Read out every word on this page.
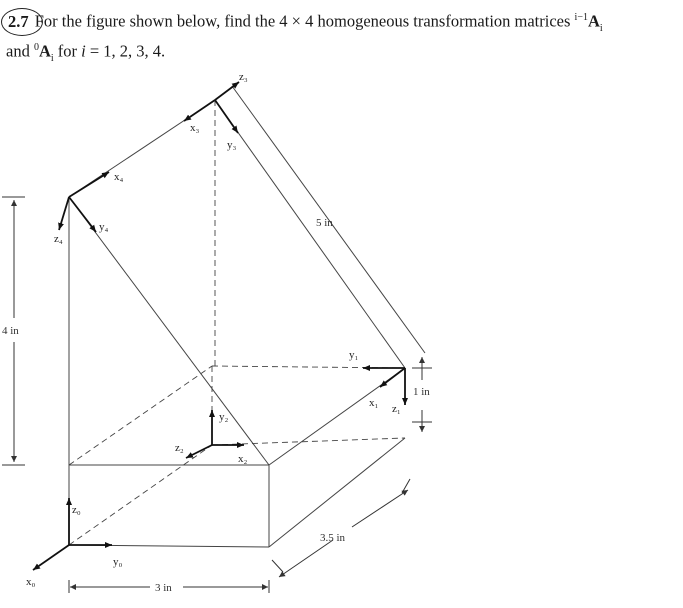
2.7 For the figure shown below, find the 4 × 4 homogeneous transformation matrices $^{i-1}A_i$
and $^0A_i$ for i = 1, 2, 3, 4.
z₀
y₀
x₀
y₁
x₁ z₁
y₂
z₂
x₂
z₃
x₃
y₃
x₄
z₄
y₄	5 in
1 in
4 in
3.5 in
3 in
